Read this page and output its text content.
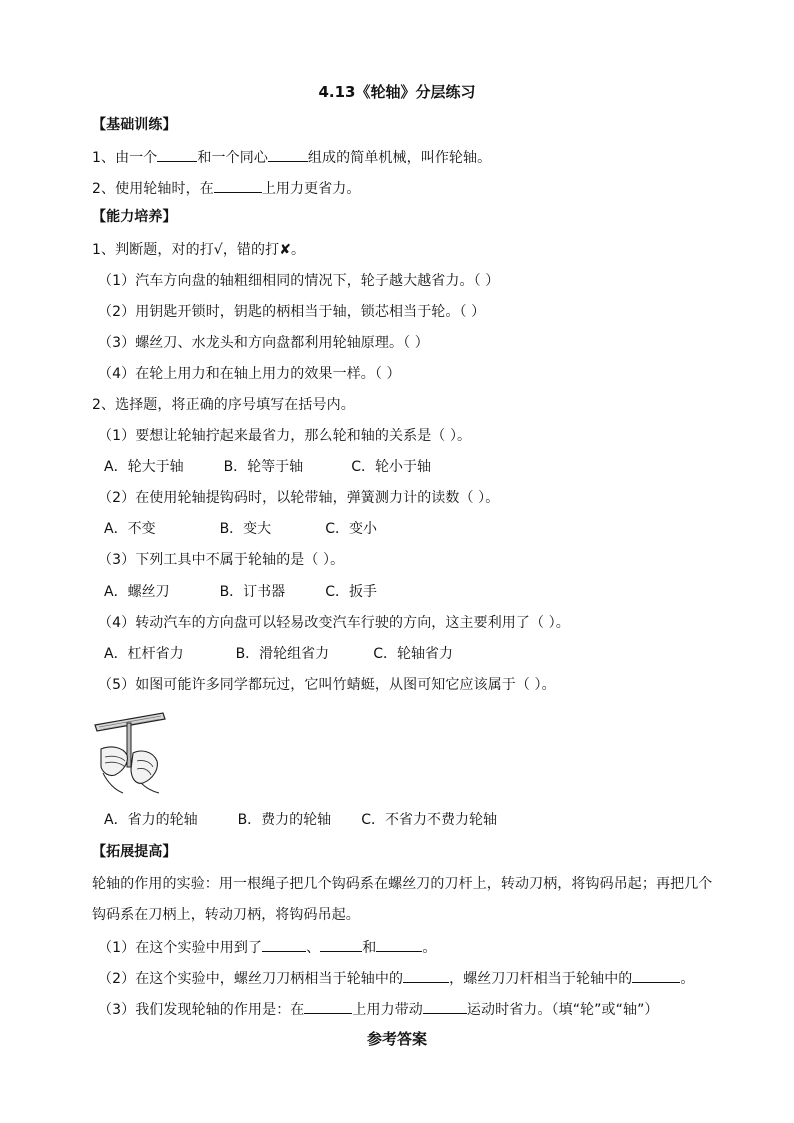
4.13《轮轴》分层练习
【基础训练】
1、由一个	和一个同心	组成的简单机械，叫作轮轴。
2、使用轮轴时，在	上用力更省力。
【能力培养】
1、判断题，对的打√，错的打✘。
（1）汽车方向盘的轴粗细相同的情况下，轮子越大越省力。（ ）
（2）用钥匙开锁时，钥匙的柄相当于轴，锁芯相当于轮。（ ）
（3）螺丝刀、水龙头和方向盘都利用轮轴原理。（ ）
（4）在轮上用力和在轴上用力的效果一样。（ ）
2、选择题，将正确的序号填写在括号内。
（1）要想让轮轴拧起来最省力，那么轮和轴的关系是（ ）。
A．轮大于轴	B．轮等于轴	C．轮小于轴
（2）在使用轮轴提钩码时，以轮带轴，弹簧测力计的读数（ ）。
A．不变	B．变大	C．变小
（3）下列工具中不属于轮轴的是（ ）。
A．螺丝刀	B．订书器	C．扳手
（4）转动汽车的方向盘可以轻易改变汽车行驶的方向，这主要利用了（ ）。
A．杠杆省力	B．滑轮组省力	C．轮轴省力
（5）如图可能许多同学都玩过，它叫竹蜻蜓，从图可知它应该属于（ ）。
A．省力的轮轴	B．费力的轮轴 C．不省力不费力轮轴
【拓展提高】
轮轴的作用的实验：用一根绳子把几个钩码系在螺丝刀的刀杆上，转动刀柄，将钩码吊起；再把几个
钩码系在刀柄上，转动刀柄，将钩码吊起。
（1）在这个实验中用到了	、	和	。
（2）在这个实验中，螺丝刀刀柄相当于轮轴中的	，螺丝刀刀杆相当于轮轴中的	。
（3）我们发现轮轴的作用是：在	上用力带动	运动时省力。（填“轮”或“轴”）
参考答案
